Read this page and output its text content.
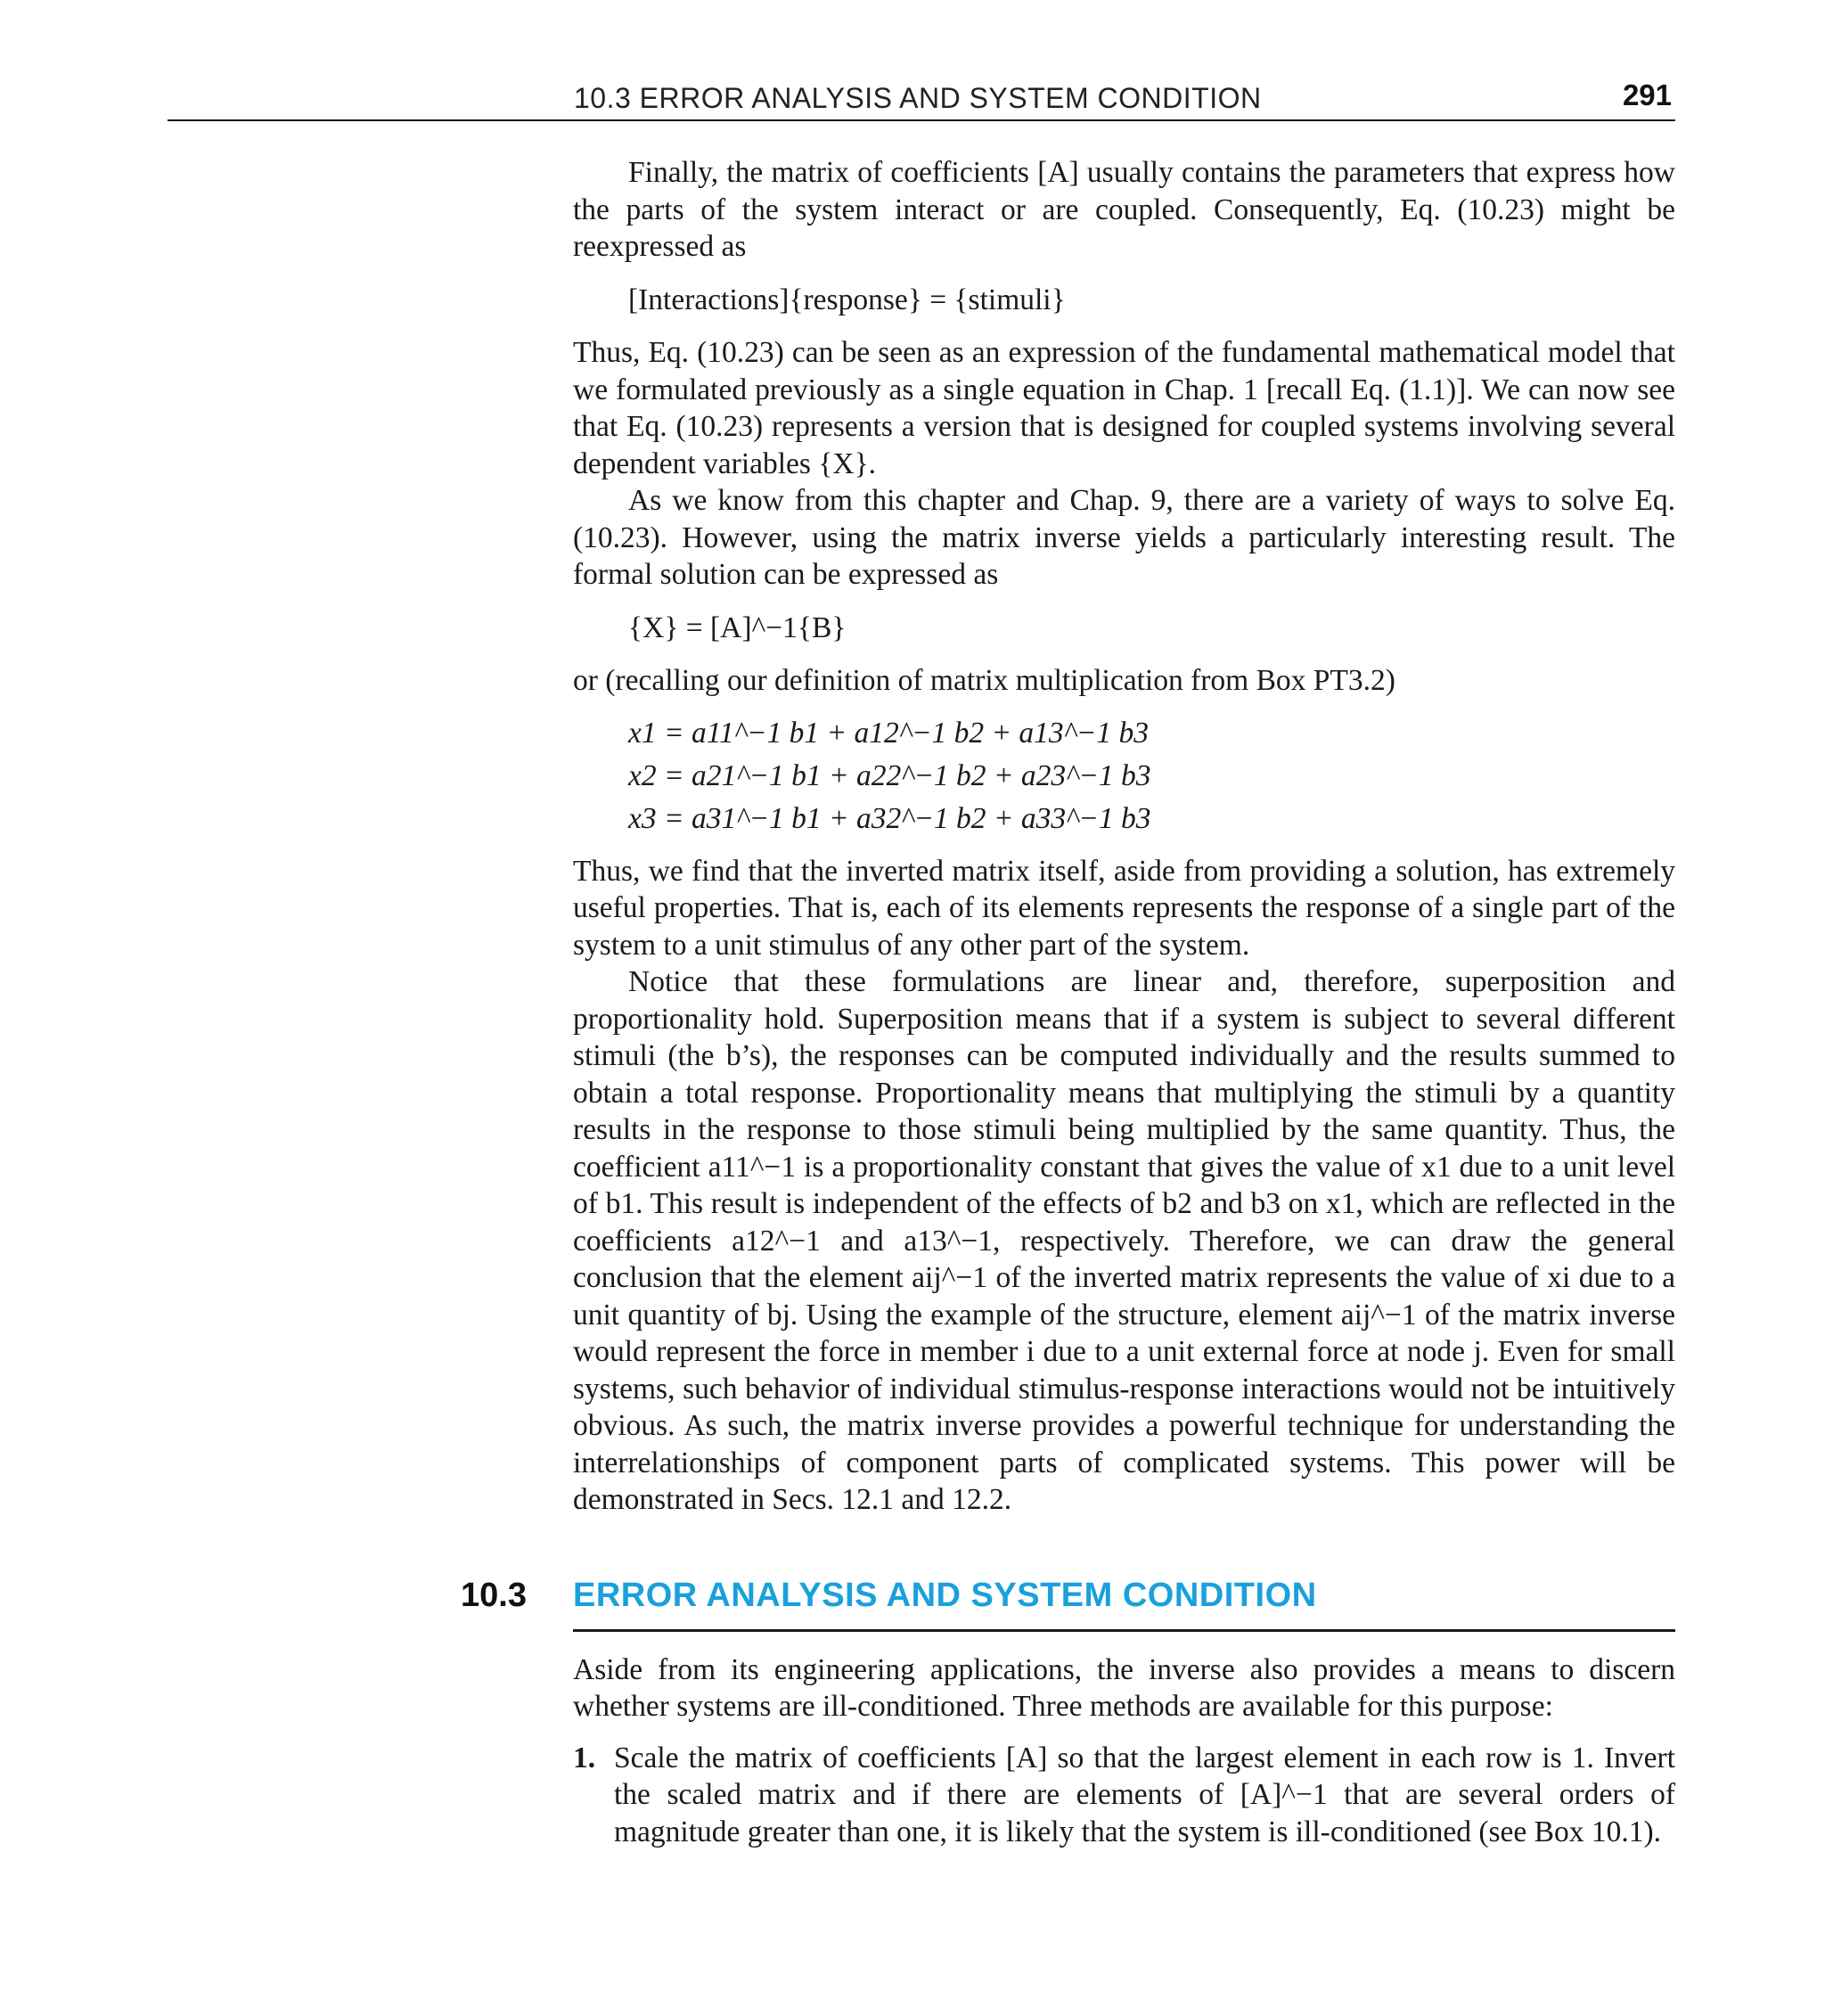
10.3 ERROR ANALYSIS AND SYSTEM CONDITION	291

Finally, the matrix of coefficients [A] usually contains the parameters that express how the parts of the system interact or are coupled. Consequently, Eq. (10.23) might be reexpressed as

[Interactions]{response} = {stimuli}

Thus, Eq. (10.23) can be seen as an expression of the fundamental mathematical model that we formulated previously as a single equation in Chap. 1 [recall Eq. (1.1)]. We can now see that Eq. (10.23) represents a version that is designed for coupled systems involving several dependent variables {X}.

As we know from this chapter and Chap. 9, there are a variety of ways to solve Eq. (10.23). However, using the matrix inverse yields a particularly interesting result. The formal solution can be expressed as

{X} = [A]^−1{B}

or (recalling our definition of matrix multiplication from Box PT3.2)

x1 = a11^−1 b1 + a12^−1 b2 + a13^−1 b3
x2 = a21^−1 b1 + a22^−1 b2 + a23^−1 b3
x3 = a31^−1 b1 + a32^−1 b2 + a33^−1 b3

Thus, we find that the inverted matrix itself, aside from providing a solution, has extremely useful properties. That is, each of its elements represents the response of a single part of the system to a unit stimulus of any other part of the system.

Notice that these formulations are linear and, therefore, superposition and proportionality hold. Superposition means that if a system is subject to several different stimuli (the b’s), the responses can be computed individually and the results summed to obtain a total response. Proportionality means that multiplying the stimuli by a quantity results in the response to those stimuli being multiplied by the same quantity. Thus, the coefficient a11^−1 is a proportionality constant that gives the value of x1 due to a unit level of b1. This result is independent of the effects of b2 and b3 on x1, which are reflected in the coefficients a12^−1 and a13^−1, respectively. Therefore, we can draw the general conclusion that the element aij^−1 of the inverted matrix represents the value of xi due to a unit quantity of bj. Using the example of the structure, element aij^−1 of the matrix inverse would represent the force in member i due to a unit external force at node j. Even for small systems, such behavior of individual stimulus-response interactions would not be intuitively obvious. As such, the matrix inverse provides a powerful technique for understanding the interrelationships of component parts of complicated systems. This power will be demonstrated in Secs. 12.1 and 12.2.

10.3 ERROR ANALYSIS AND SYSTEM CONDITION

Aside from its engineering applications, the inverse also provides a means to discern whether systems are ill-conditioned. Three methods are available for this purpose:

1. Scale the matrix of coefficients [A] so that the largest element in each row is 1. Invert the scaled matrix and if there are elements of [A]^−1 that are several orders of magnitude greater than one, it is likely that the system is ill-conditioned (see Box 10.1).
